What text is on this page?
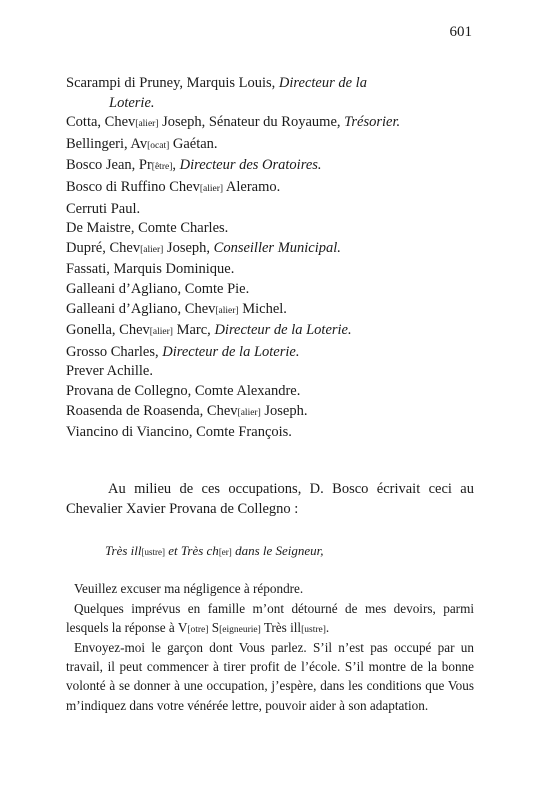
601
Scarampi di Pruney, Marquis Louis, Directeur de la
Loterie.
Cotta, Chev[alier] Joseph, Sénateur du Royaume, Trésorier.
Bellingeri, Av[ocat] Gaétan.
Bosco Jean, Pr[être], Directeur des Oratoires.
Bosco di Ruffino Chev[alier] Aleramo.
Cerruti Paul.
De Maistre, Comte Charles.
Dupré, Chev[alier] Joseph, Conseiller Municipal.
Fassati, Marquis Dominique.
Galleani d’Agliano, Comte Pie.
Galleani d’Agliano, Chev[alier] Michel.
Gonella, Chev[alier] Marc, Directeur de la Loterie.
Grosso Charles, Directeur de la Loterie.
Prever Achille.
Provana de Collegno, Comte Alexandre.
Roasenda de Roasenda, Chev[alier] Joseph.
Viancino di Viancino, Comte François.
Au milieu de ces occupations, D. Bosco écrivait ceci au Chevalier Xavier Provana de Collegno :
Très ill[ustre] et Très ch[er] dans le Seigneur,
Veuillez excuser ma négligence à répondre.
Quelques imprévus en famille m’ont détourné de mes devoirs, parmi lesquels la réponse à V[otre] S[eigneurie] Très ill[ustre].
Envoyez-moi le garçon dont Vous parlez. S’il n’est pas occupé par un travail, il peut commencer à tirer profit de l’école. S’il montre de la bonne volonté à se donner à une occupation, j’espère, dans les conditions que Vous m’indiquez dans votre vénérée lettre, pouvoir aider à son adaptation.
